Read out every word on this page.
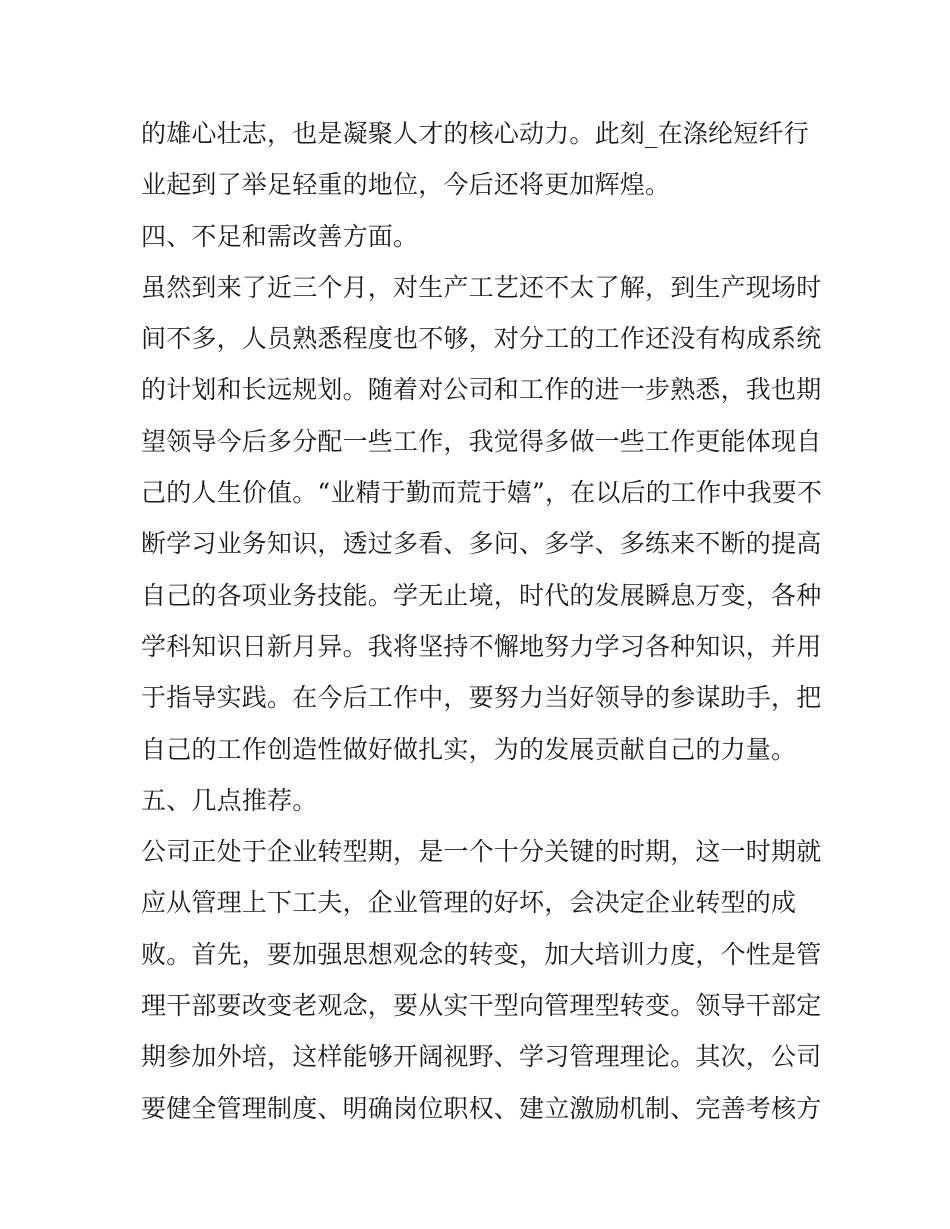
的雄心壮志，也是凝聚人才的核心动力。此刻_在涤纶短纤行
业起到了举足轻重的地位，今后还将更加辉煌。
四、不足和需改善方面。
虽然到来了近三个月，对生产工艺还不太了解，到生产现场时
间不多，人员熟悉程度也不够，对分工的工作还没有构成系统
的计划和长远规划。随着对公司和工作的进一步熟悉，我也期
望领导今后多分配一些工作，我觉得多做一些工作更能体现自
己的人生价值。“业精于勤而荒于嬉”，在以后的工作中我要不
断学习业务知识，透过多看、多问、多学、多练来不断的提高
自己的各项业务技能。学无止境，时代的发展瞬息万变，各种
学科知识日新月异。我将坚持不懈地努力学习各种知识，并用
于指导实践。在今后工作中，要努力当好领导的参谋助手，把
自己的工作创造性做好做扎实，为的发展贡献自己的力量。
五、几点推荐。
公司正处于企业转型期，是一个十分关键的时期，这一时期就
应从管理上下工夫，企业管理的好坏，会决定企业转型的成
败。首先，要加强思想观念的转变，加大培训力度，个性是管
理干部要改变老观念，要从实干型向管理型转变。领导干部定
期参加外培，这样能够开阔视野、学习管理理论。其次，公司
要健全管理制度、明确岗位职权、建立激励机制、完善考核方
